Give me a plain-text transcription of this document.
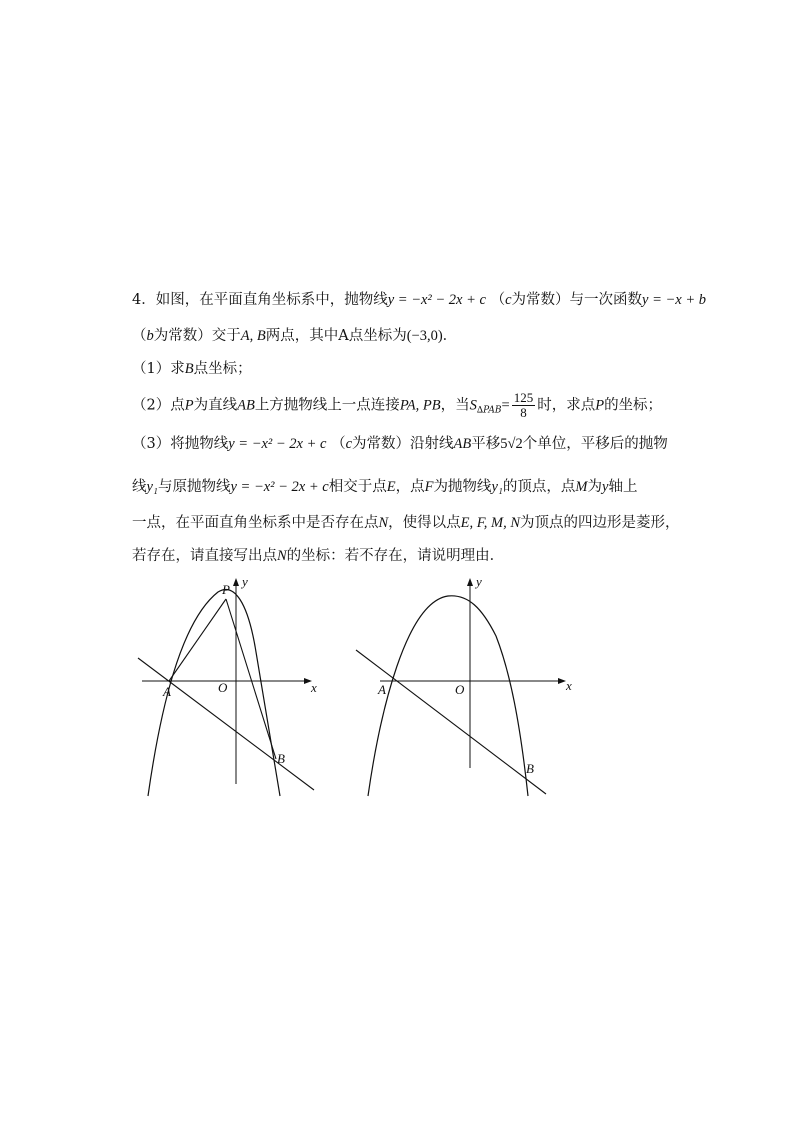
4．如图，在平面直角坐标系中，抛物线y = −x² − 2x + c （c为常数）与一次函数y = −x + b
（b为常数）交于A, B两点，其中A点坐标为(−3,0)．
（1）求B点坐标；
（2）点P为直线AB上方抛物线上一点连接PA, PB，当$S_{\Delta PAB}= \frac{125}{8}$ 时，求点P的坐标；
（3）将抛物线y = −x² − 2x + c （c为常数）沿射线AB平移5√2个单位，平移后的抛物
线y₁与原抛物线y = −x² − 2x + c相交于点E，点F为抛物线y₁的顶点，点M为y轴上
一点，在平面直角坐标系中是否存在点N，使得以点E, F, M, N为顶点的四边形是菱形，
若存在，请直接写出点N的坐标：若不存在，请说明理由．
P
y
A	O	x
B
y
A	O	x
B
